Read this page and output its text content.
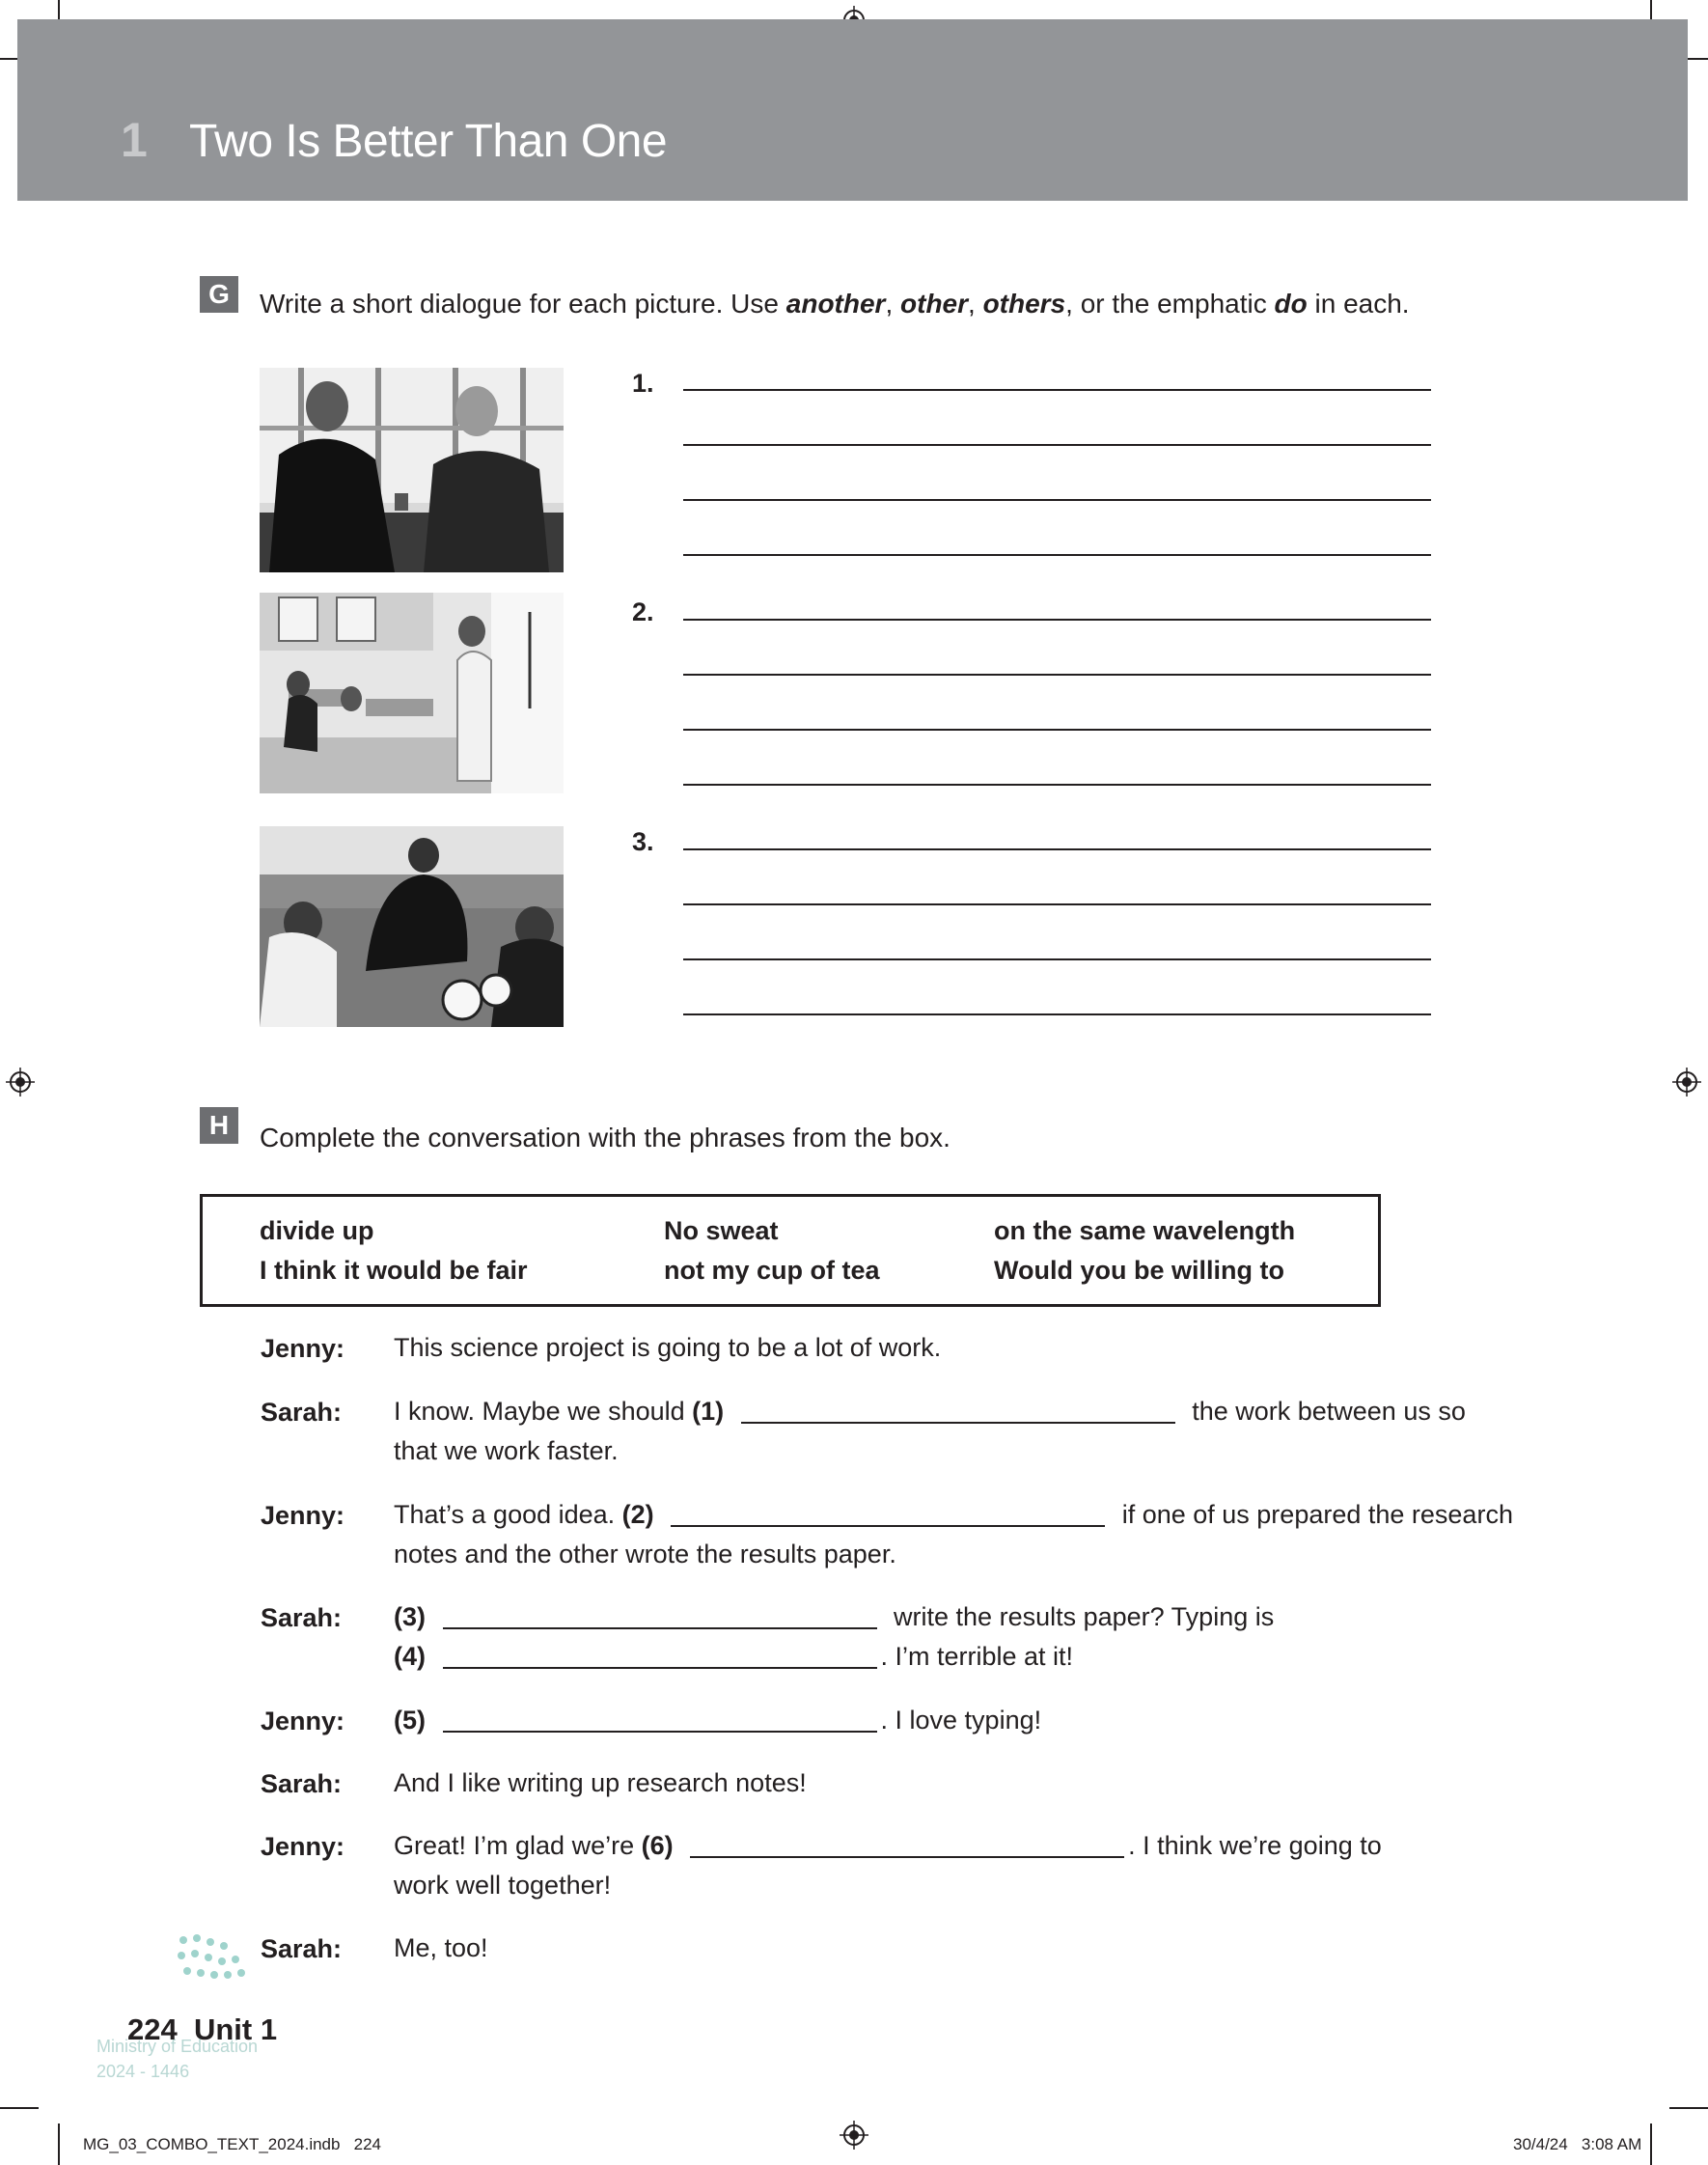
1 Two Is Better Than One
G	Write a short dialogue for each picture. Use another, other, others, or the emphatic do in each.
1.
2.
3.
H	Complete the conversation with the phrases from the box.
divide up	No sweat	on the same wavelength
I think it would be fair	not my cup of tea	Would you be willing to
Jenny: This science project is going to be a lot of work.
Sarah: I know. Maybe we should (1)	the work between us so
that we work faster.
Jenny: That’s a good idea. (2)	if one of us prepared the research
notes and the other wrote the results paper.
Sarah: (3)	write the results paper? Typing is
(4)	. I’m terrible at it!
Jenny: (5)	. I love typing!
Sarah: And I like writing up research notes!
Jenny: Great! I’m glad we’re (6)	. I think we’re going to
work well together!
Ministry of Education
2024 - 1446
Sarah: Me, too!
224 Unit 1
MG_03_COMBO_TEXT_2024.indb   224	30/4/24   3:08 AM
